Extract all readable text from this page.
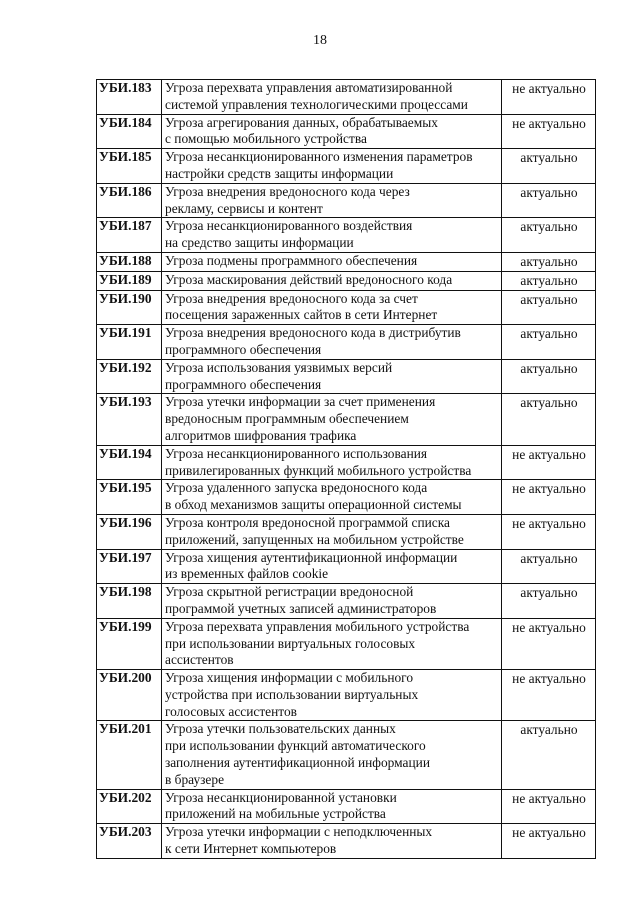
18
УБИ.183	Угроза перехвата управления автоматизированной
системой управления технологическими процессами	не актуально

УБИ.184	Угроза агрегирования данных, обрабатываемых
с помощью мобильного устройства	не актуально

УБИ.185	Угроза несанкционированного изменения параметров
настройки средств защиты информации	актуально

УБИ.186	Угроза внедрения вредоносного кода через
рекламу, сервисы и контент	актуально

УБИ.187	Угроза несанкционированного воздействия
на средство защиты информации	актуально

УБИ.188	Угроза подмены программного обеспечения	актуально

УБИ.189	Угроза маскирования действий вредоносного кода	актуально

УБИ.190	Угроза внедрения вредоносного кода за счет
посещения зараженных сайтов в сети Интернет	актуально

УБИ.191	Угроза внедрения вредоносного кода в дистрибутив
программного обеспечения	актуально

УБИ.192	Угроза использования уязвимых версий
программного обеспечения	актуально

УБИ.193	Угроза утечки информации за счет применения
вредоносным программным обеспечением
алгоритмов шифрования трафика	актуально

УБИ.194	Угроза несанкционированного использования
привилегированных функций мобильного устройства	не актуально

УБИ.195	Угроза удаленного запуска вредоносного кода
в обход механизмов защиты операционной системы	не актуально

УБИ.196	Угроза контроля вредоносной программой списка
приложений, запущенных на мобильном устройстве	не актуально

УБИ.197	Угроза хищения аутентификационной информации
из временных файлов cookie	актуально

УБИ.198	Угроза скрытной регистрации вредоносной
программой учетных записей администраторов	актуально

УБИ.199	Угроза перехвата управления мобильного устройства
при использовании виртуальных голосовых
ассистентов	не актуально

УБИ.200	Угроза хищения информации с мобильного
устройства при использовании виртуальных
голосовых ассистентов	не актуально

УБИ.201	Угроза утечки пользовательских данных
при использовании функций автоматического
заполнения аутентификационной информации
в браузере	актуально

УБИ.202	Угроза несанкционированной установки
приложений на мобильные устройства	не актуально

УБИ.203	Угроза утечки информации с неподключенных
к сети Интернет компьютеров	не актуально
